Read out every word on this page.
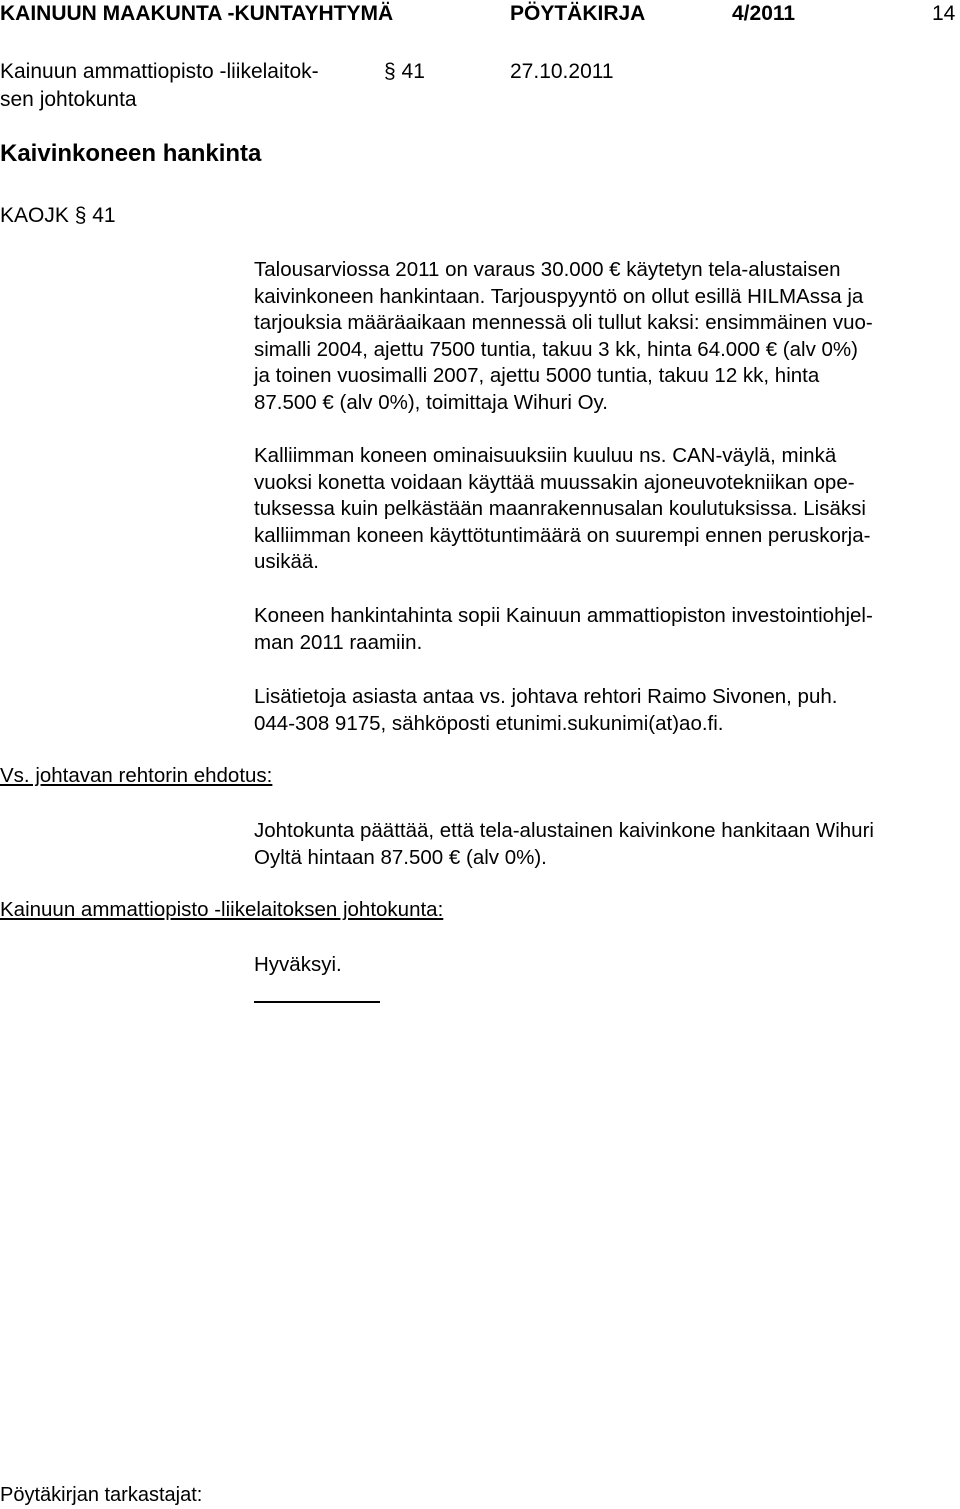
KAINUUN MAAKUNTA -KUNTAYHTYMÄ	PÖYTÄKIRJA	4/2011	14
Kainuun ammattiopisto -liikelaitok-
sen johtokunta
§ 41	27.10.2011
Kaivinkoneen hankinta
KAOJK § 41

Talousarviossa 2011 on varaus 30.000 € käytetyn tela-alustaisen

kaivinkoneen hankintaan. Tarjouspyyntö on ollut esillä HILMAssa ja

tarjouksia määräaikaan mennessä oli tullut kaksi: ensimmäinen vuo-

simalli 2004, ajettu 7500 tuntia, takuu 3 kk, hinta 64.000 € (alv 0%)

ja toinen vuosimalli 2007, ajettu 5000 tuntia, takuu 12 kk, hinta

87.500 € (alv 0%), toimittaja Wihuri Oy.

Kalliimman koneen ominaisuuksiin kuuluu ns. CAN-väylä, minkä

vuoksi konetta voidaan käyttää muussakin ajoneuvotekniikan ope-

tuksessa kuin pelkästään maanrakennusalan koulutuksissa. Lisäksi

kalliimman koneen käyttötuntimäärä on suurempi ennen peruskorja-

usikää.

Koneen hankintahinta sopii Kainuun ammattiopiston investointiohjel-

man 2011 raamiin.

Lisätietoja asiasta antaa vs. johtava rehtori Raimo Sivonen, puh.

044-308 9175, sähköposti etunimi.sukunimi(at)ao.fi.

Vs. johtavan rehtorin ehdotus:

Johtokunta päättää, että tela-alustainen kaivinkone hankitaan Wihuri

Oyltä hintaan 87.500 € (alv 0%).

Kainuun ammattiopisto -liikelaitoksen johtokunta:
Hyväksyi.
Pöytäkirjan tarkastajat:
